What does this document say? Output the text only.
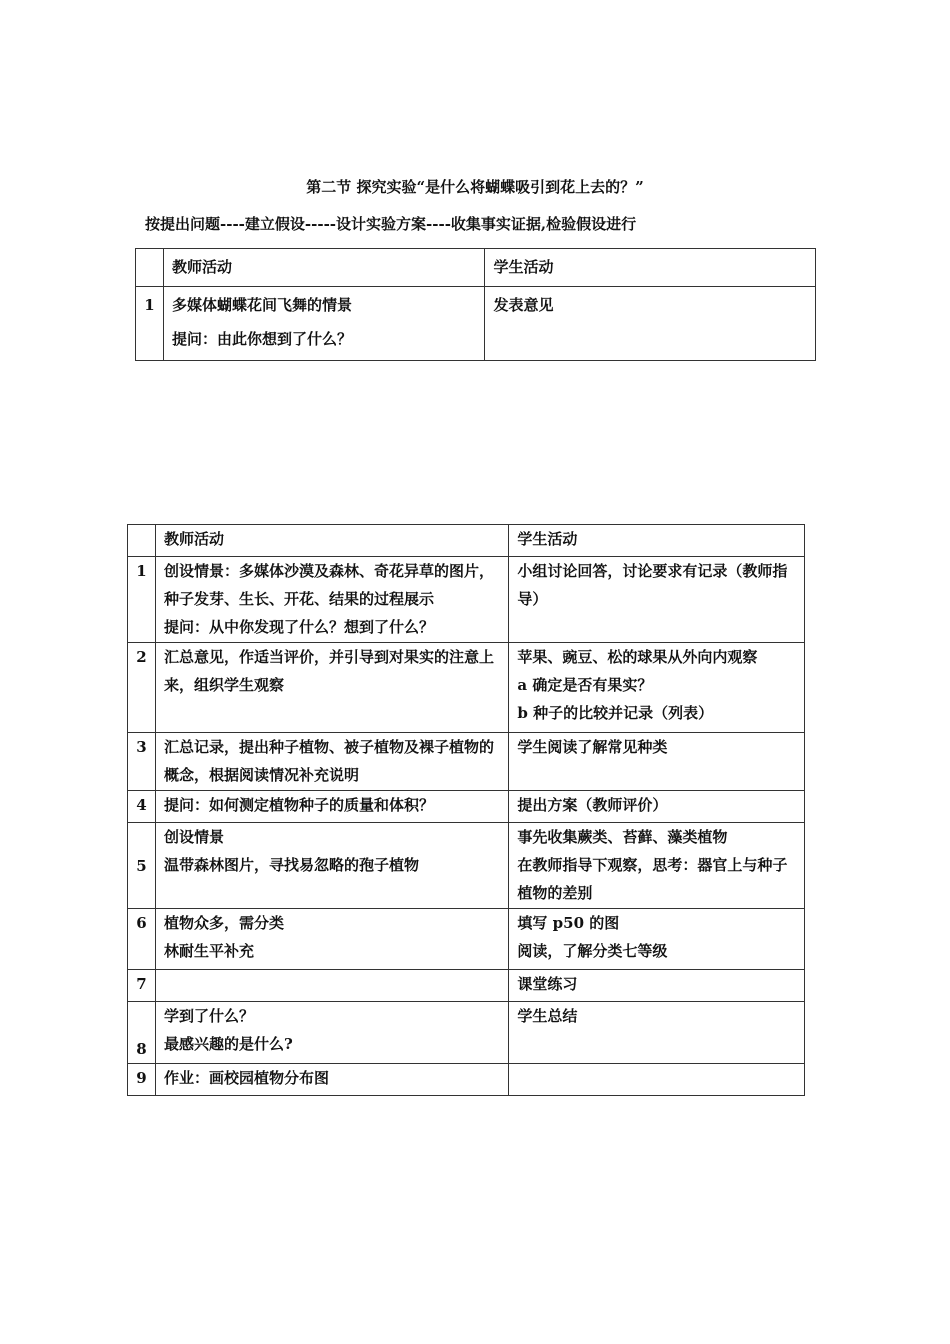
第二节 探究实验“是什么将蝴蝶吸引到花上去的？”
按提出问题----建立假设-----设计实验方案----收集事实证据,检验假设进行
	教师活动	学生活动
1	多媒体蝴蝶花间飞舞的情景
提问：由此你想到了什么？	发表意见
	教师活动	学生活动
1	创设情景：多媒体沙漠及森林、奇花异草的图片，种子发芽、生长、开花、结果的过程展示
提问：从中你发现了什么？想到了什么？	小组讨论回答，讨论要求有记录（教师指导）

2	汇总意见，作适当评价，并引导到对果实的注意上来，组织学生观察	苹果、豌豆、松的球果从外向内观察
a 确定是否有果实？
b 种子的比较并记录（列表）

3	汇总记录，提出种子植物、被子植物及裸子植物的概念，根据阅读情况补充说明	学生阅读了解常见种类

4	提问：如何测定植物种子的质量和体积？	提出方案（教师评价）

5	创设情景
温带森林图片，寻找易忽略的孢子植物	事先收集蕨类、苔藓、藻类植物
在教师指导下观察，思考：器官上与种子植物的差别

6	植物众多，需分类
林耐生平补充	填写 p50 的图
阅读，了解分类七等级

7		课堂练习

8	学到了什么？
最感兴趣的是什么?	学生总结

9	作业：画校园植物分布图	
